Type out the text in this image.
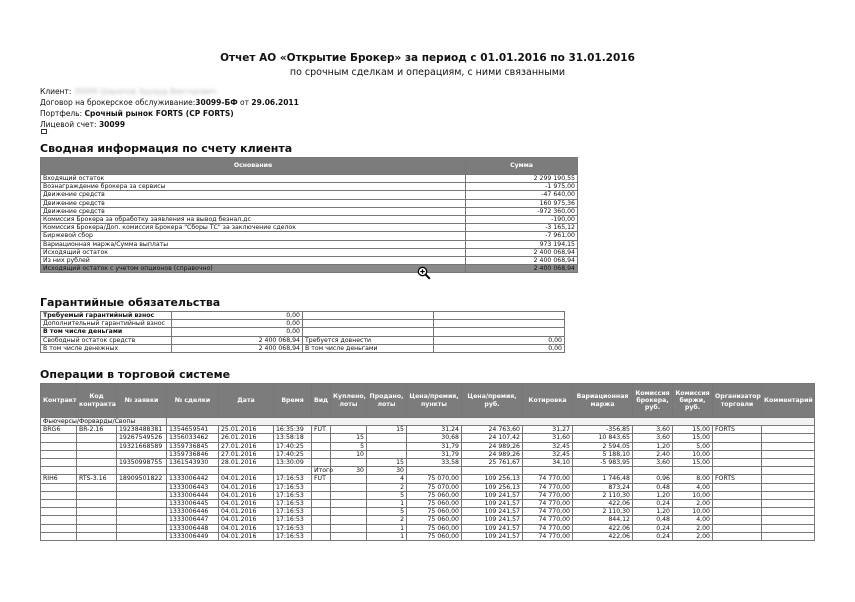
Отчет АО «Открытие Брокер» за период с 01.01.2016 по 31.01.2016
по срочным сделкам и операциям, с ними связанными
Клиент: 30099 Шарапов Эдуард Викторович
Договор на брокерское обслуживание:30099-БФ от 29.06.2011
Портфель: Срочный рынок FORTS (СР FORTS)
Лицевой счет: 30099
Сводная информация по счету клиента
Основание	Сумма
Входящий остаток	2 299 190,55
Вознаграждение брокера за сервисы	-1 975,00
Движение средств	-47 640,00
Движение средств	160 975,36
Движение средств	-972 360,00
Комиссия Брокера за обработку заявления на вывод безнал.дс	-190,00
Комиссия Брокера/Доп. комиссия Брокера "Сборы ТС" за заключение сделок	-3 165,12
Биржевой сбор	-7 961,00
Вариационная маржа/Сумма выплаты	973 194,15
Исходящий остаток	2 400 068,94
Из них рублей	2 400 068,94
Исходящий остаток с учетом опционов (справочно)	2 400 068,94
Гарантийные обязательства
Требуемый гарантийный взнос	0,00		
Дополнительный гарантийный взнос	0,00		
В том числе деньгами	0,00		
Свободный остаток средств	2 400 068,94	Требуется довнести	0,00
В том числе денежных	2 400 068,94	В том числе деньгами	0,00
Операции в торговой системе
Контракт	Код контракта	№ заявки	№ сделки	Дата	Время	Вид	Куплено, лоты	Продано, лоты	Цена/премия, пункты	Цена/премия, руб.	Котировка	Вариационная маржа	Комиссия брокера, руб.	Комиссия биржи, руб.	Организатор торговли	Комментарий
Фьючерсы/Форварды/Свопы																
BRG6	BR-2.16	19238488381	1354659541	25.01.2016	16:35:39	FUT		15	31,24	24 763,60	31,27	-356,85	3,60	15,00	FORTS	
		19267549526	1356033462	26.01.2016	13:58:18		15		30,68	24 107,42	31,60	10 843,65	3,60	15,00		
		19321668589	1359736845	27.01.2016	17:40:25		5		31,79	24 989,26	32,45	2 594,05	1,20	5,00		
			1359736846	27.01.2016	17:40:25		10		31,79	24 989,26	32,45	5 188,10	2,40	10,00		
		19350998755	1361543930	28.01.2016	13:30:09			15	33,58	25 761,67	34,10	-5 983,95	3,60	15,00		
						Итого	30	30								
RIH6	RTS-3.16	18909501822	1333006442	04.01.2016	17:16:53	FUT		4	75 070,00	109 256,13	74 770,00	1 746,48	0,96	8,00	FORTS	
			1333006443	04.01.2016	17:16:53			2	75 070,00	109 256,13	74 770,00	873,24	0,48	4,00		
			1333006444	04.01.2016	17:16:53			5	75 060,00	109 241,57	74 770,00	2 110,30	1,20	10,00		
			1333006445	04.01.2016	17:16:53			1	75 060,00	109 241,57	74 770,00	422,06	0,24	2,00		
			1333006446	04.01.2016	17:16:53			5	75 060,00	109 241,57	74 770,00	2 110,30	1,20	10,00		
			1333006447	04.01.2016	17:16:53			2	75 060,00	109 241,57	74 770,00	844,12	0,48	4,00		
			1333006448	04.01.2016	17:16:53			1	75 060,00	109 241,57	74 770,00	422,06	0,24	2,00		
			1333006449	04.01.2016	17:16:53			1	75 060,00	109 241,57	74 770,00	422,06	0,24	2,00		
